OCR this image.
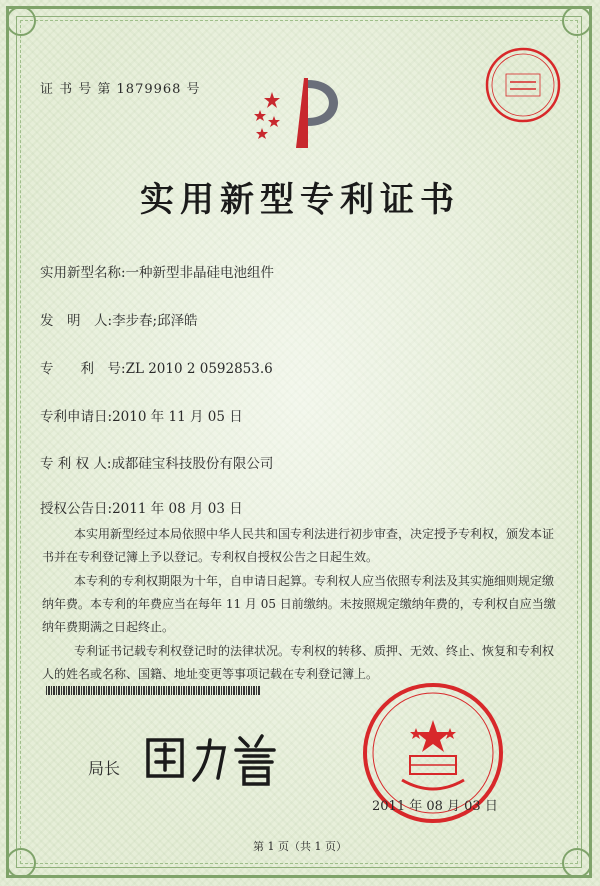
证 书 号 第 1879968 号
实用新型专利证书
实用新型名称:一种新型非晶硅电池组件
发　明　人:李步春;邱泽皓
专　　利　号:ZL 2010 2 0592853.6
专利申请日:2010 年 11 月 05 日
专 利 权 人:成都硅宝科技股份有限公司
授权公告日:2011 年 08 月 03 日

本实用新型经过本局依照中华人民共和国专利法进行初步审查，决定授予专利权，颁发本证书并在专利登记簿上予以登记。专利权自授权公告之日起生效。

本专利的专利权期限为十年，自申请日起算。专利权人应当依照专利法及其实施细则规定缴纳年费。本专利的年费应当在每年 11 月 05 日前缴纳。未按照规定缴纳年费的，专利权自应当缴纳年费期满之日起终止。

专利证书记载专利权登记时的法律状况。专利权的转移、质押、无效、终止、恢复和专利权人的姓名或名称、国籍、地址变更等事项记载在专利登记簿上。

局长
2011 年 08 月 03 日
第 1 页（共 1 页）
